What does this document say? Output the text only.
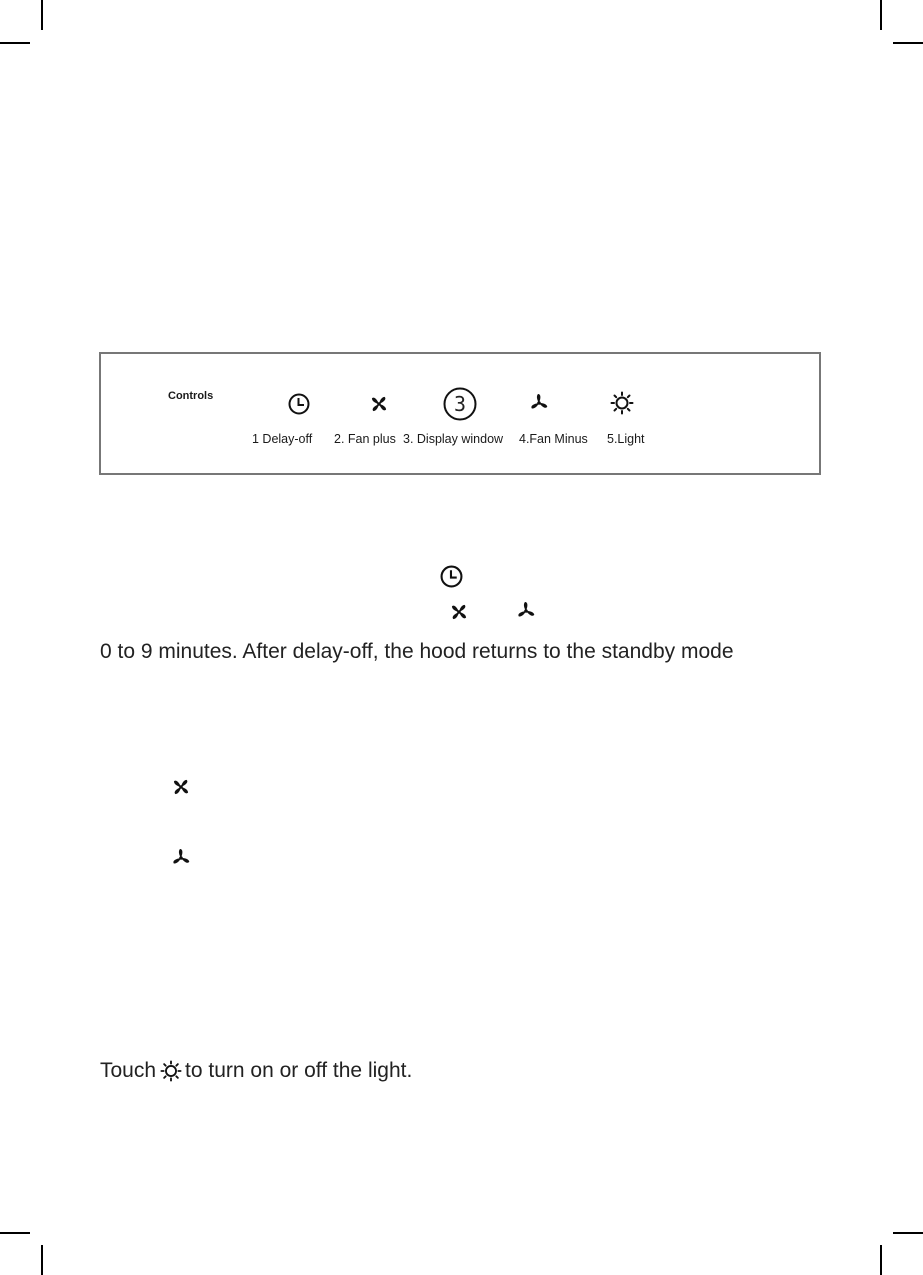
Controls	3
1 Delay-off 2. Fan plus 3. Display window 4.Fan Minus 5.Light
0 to 9 minutes. After delay-off, the hood returns to the standby mode
Touch to turn on or off the light.
